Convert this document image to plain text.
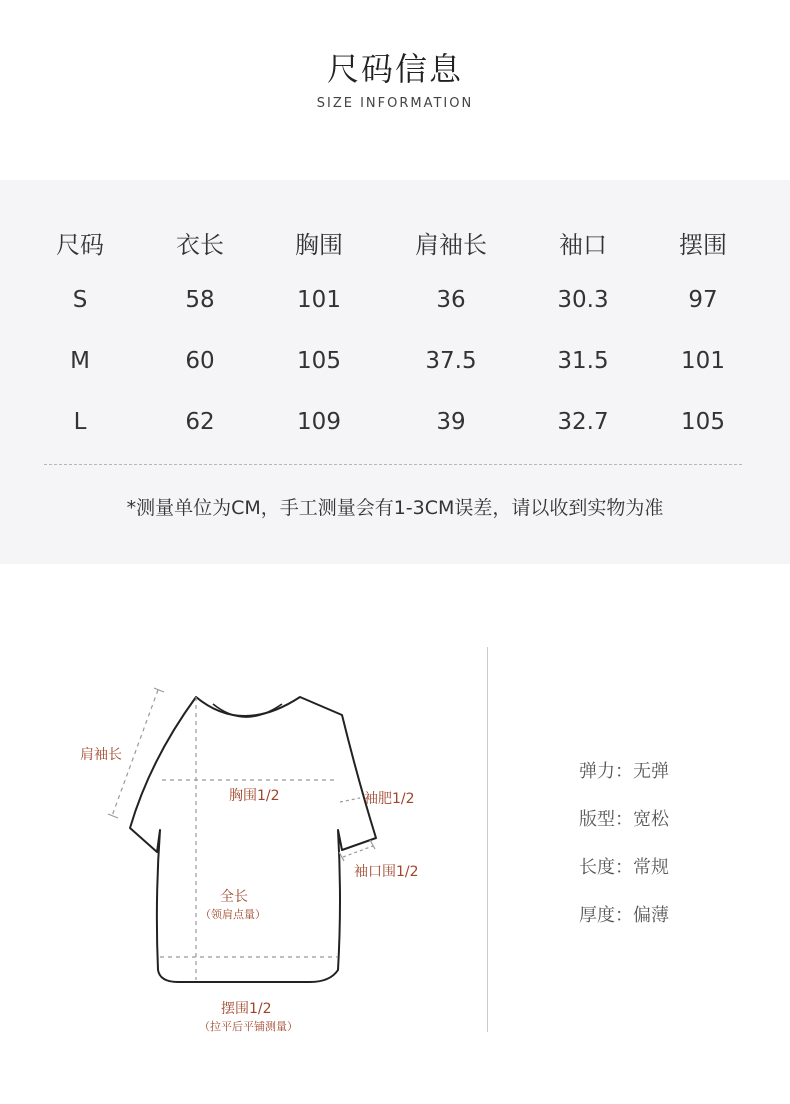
尺码信息
SIZE INFORMATION
尺码	衣长	胸围	肩袖长	袖口	摆围
S	58	101	36	30.3	97
M	60	105	37.5	31.5	101
L	62	109	39	32.7	105
*测量单位为CM，手工测量会有1-3CM误差，请以收到实物为准
肩袖长
胸围1/2	袖肥1/2
袖口围1/2
全长
（领肩点量）
摆围1/2
（拉平后平铺测量）
弹力：无弹
版型：宽松
长度：常规
厚度：偏薄
